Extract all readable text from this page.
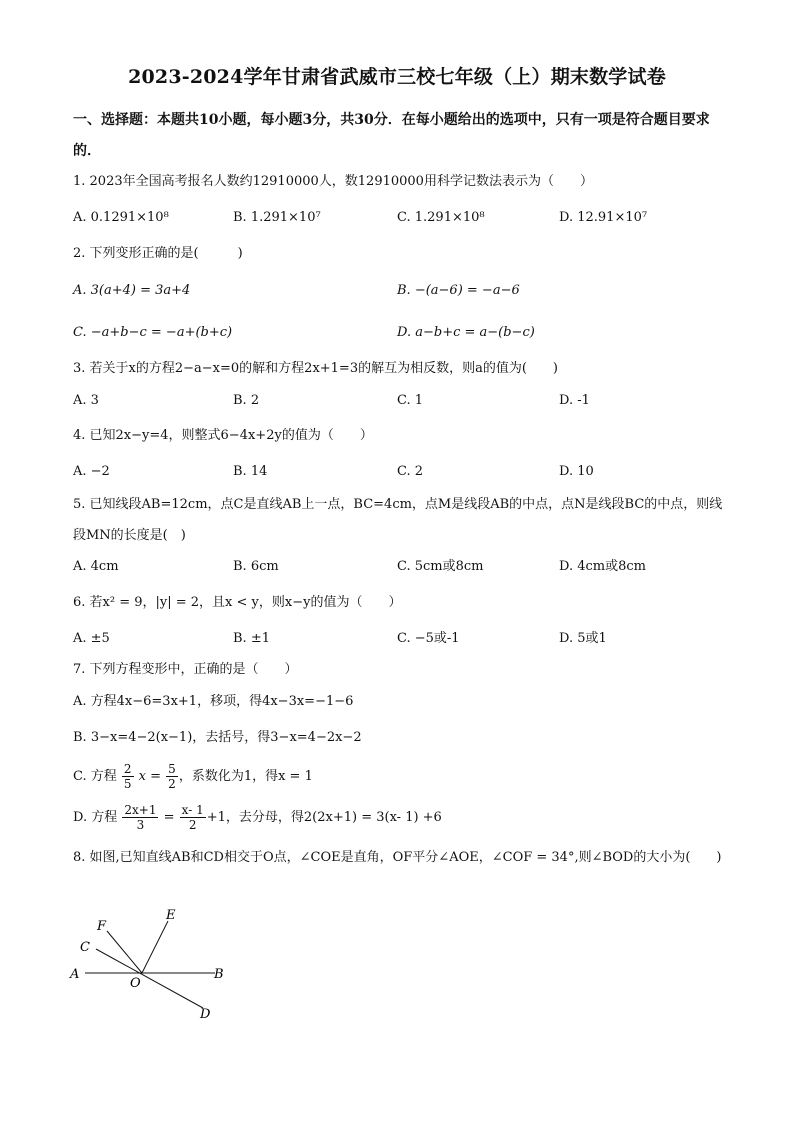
2023-2024学年甘肃省武威市三校七年级（上）期末数学试卷
一、选择题：本题共10小题，每小题3分，共30分．在每小题给出的选项中，只有一项是符合题目要求的．
1. 2023年全国高考报名人数约12910000人，数12910000用科学记数法表示为（　　）
A. 0.1291×10⁸	B. 1.291×10⁷	C. 1.291×10⁸	D. 12.91×10⁷
2. 下列变形正确的是(　　　)
A. 3(a+4) = 3a+4	B. −(a−6) = −a−6
C. −a+b−c = −a+(b+c)	D. a−b+c = a−(b−c)
3. 若关于x的方程2−a−x=0的解和方程2x+1=3的解互为相反数，则a的值为(　　)
A. 3	B. 2	C. 1	D. -1
4. 已知2x−y=4，则整式6−4x+2y的值为（　　）
A. −2	B. 14	C. 2	D. 10
5. 已知线段AB=12cm，点C是直线AB上一点，BC=4cm，点M是线段AB的中点，点N是线段BC的中点，则线段MN的长度是(　)
A. 4cm	B. 6cm	C. 5cm或8cm	D. 4cm或8cm
6. 若x² = 9，|y| = 2，且x < y，则x−y的值为（　　）
A. ±5	B. ±1	C. −5或-1	D. 5或1
7. 下列方程变形中，正确的是（　　）
A. 方程4x−6=3x+1，移项，得4x−3x=−1−6
B. 3−x=4−2(x−1)，去括号，得3−x=4−2x−2
C. 方程 $\frac{2}{5}$ $x = \frac{5}{2}$ ，系数化为1，得x = 1
D. 方程 $\frac{2x+1}{3} = \frac{x- 1}{2} +1$，去分母，得2(2x+1) = 3(x- 1) +6
8. 如图,已知直线AB和CD相交于O点，∠COE是直角，OF平分∠AOE，∠COF = 34°,则∠BOD的大小为(　　)
F
E
C
A
O
B
D
